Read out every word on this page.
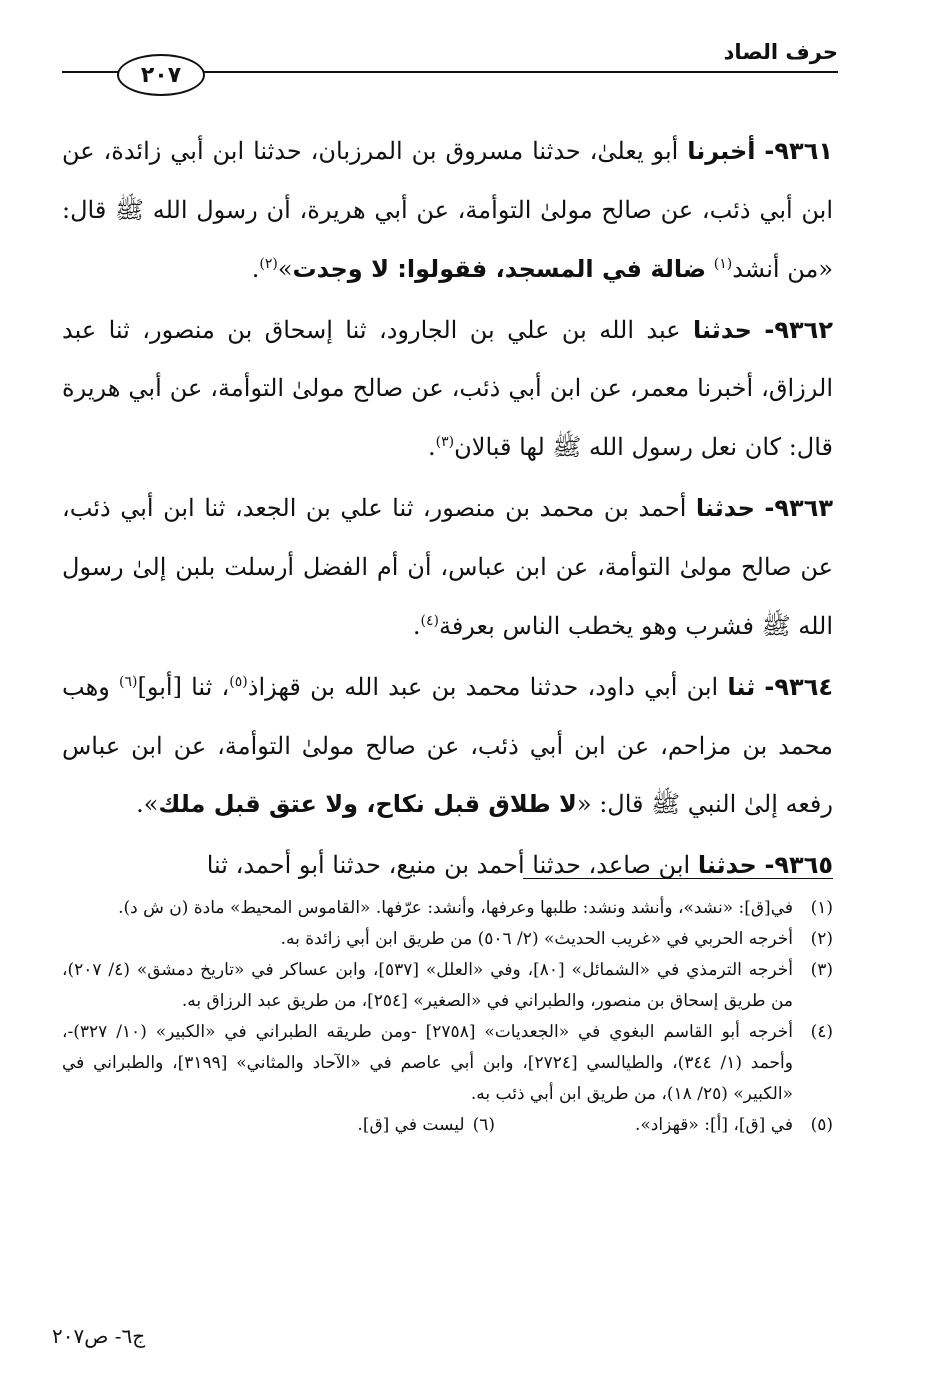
حرف الصاد
٢٠٧

٩٣٦١- أخبرنا أبو يعلىٰ، حدثنا مسروق بن المرزبان، حدثنا ابن أبي زائدة، عن ابن أبي ذئب، عن صالح مولىٰ التوأمة، عن أبي هريرة، أن رسول الله ﷺ قال: «من أنشد$^{(١)}$ ضالة في المسجد، فقولوا: لا وجدت»$^{(٢)}$.

٩٣٦٢- حدثنا عبد الله بن علي بن الجارود، ثنا إسحاق بن منصور، ثنا عبد الرزاق، أخبرنا معمر، عن ابن أبي ذئب، عن صالح مولىٰ التوأمة، عن أبي هريرة قال: كان نعل رسول الله ﷺ لها قبالان$^{(٣)}$.

٩٣٦٣- حدثنا أحمد بن محمد بن منصور، ثنا علي بن الجعد، ثنا ابن أبي ذئب، عن صالح مولىٰ التوأمة، عن ابن عباس، أن أم الفضل أرسلت بلبن إلىٰ رسول الله ﷺ فشرب وهو يخطب الناس بعرفة$^{(٤)}$.

٩٣٦٤- ثنا ابن أبي داود، حدثنا محمد بن عبد الله بن قهزاذ$^{(٥)}$، ثنا [أبو]$^{(٦)}$ وهب محمد بن مزاحم، عن ابن أبي ذئب، عن صالح مولىٰ التوأمة، عن ابن عباس رفعه إلىٰ النبي ﷺ قال: «لا طلاق قبل نكاح، ولا عتق قبل ملك».

٩٣٦٥- حدثنا ابن صاعد، حدثنا أحمد بن منيع، حدثنا أبو أحمد، ثنا

(١)
في[ق]: «نشد»، وأنشد ونشد: طلبها وعرفها، وأنشد: عرّفها. «القاموس المحيط» مادة (ن ش د).
(٢)
أخرجه الحربي في «غريب الحديث» (٢/ ٥٠٦) من طريق ابن أبي زائدة به.
(٣)
أخرجه الترمذي في «الشمائل» [٨٠]، وفي «العلل» [٥٣٧]، وابن عساكر في «تاريخ دمشق» (٤/ ٢٠٧)، من طريق إسحاق بن منصور، والطبراني في «الصغير» [٢٥٤]، من طريق عبد الرزاق به.
(٤)
أخرجه أبو القاسم البغوي في «الجعديات» [٢٧٥٨] -ومن طريقه الطبراني في «الكبير» (١٠/ ٣٢٧)-، وأحمد (١/ ٣٤٤)، والطيالسي [٢٧٢٤]، وابن أبي عاصم في «الآحاد والمثاني» [٣١٩٩]، والطبراني في «الكبير» (٢٥/ ١٨)، من طريق ابن أبي ذئب به.
(٥)
في [ق]، [أ]: «قهزاد».
(٦)
ليست في [ق].
ج٦- ص٢٠٧
